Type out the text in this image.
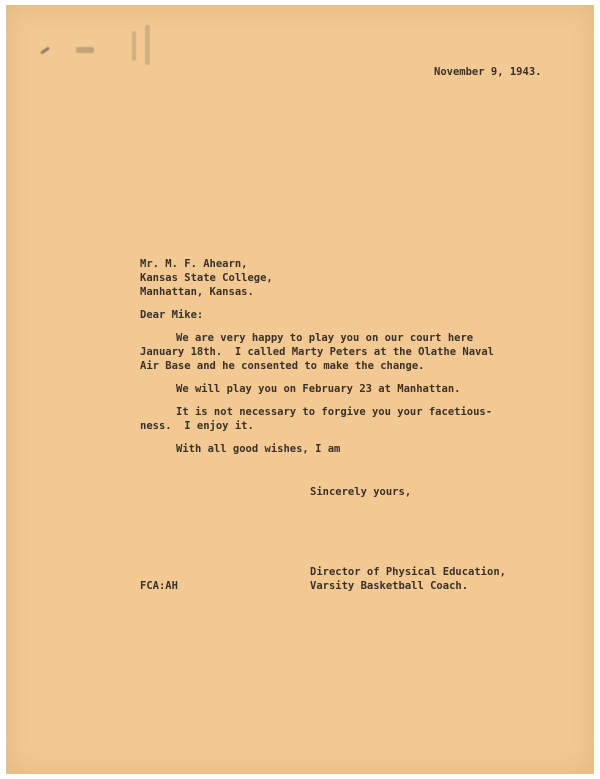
November 9, 1943.
Mr. M. F. Ahearn,
Kansas State College,
Manhattan, Kansas.
Dear Mike:
We are very happy to play you on our court here
January 18th.  I called Marty Peters at the Olathe Naval
Air Base and he consented to make the change.
We will play you on February 23 at Manhattan.
It is not necessary to forgive you your facetious-
ness.  I enjoy it.
With all good wishes, I am
Sincerely yours,
Director of Physical Education,
Varsity Basketball Coach.
FCA:AH
